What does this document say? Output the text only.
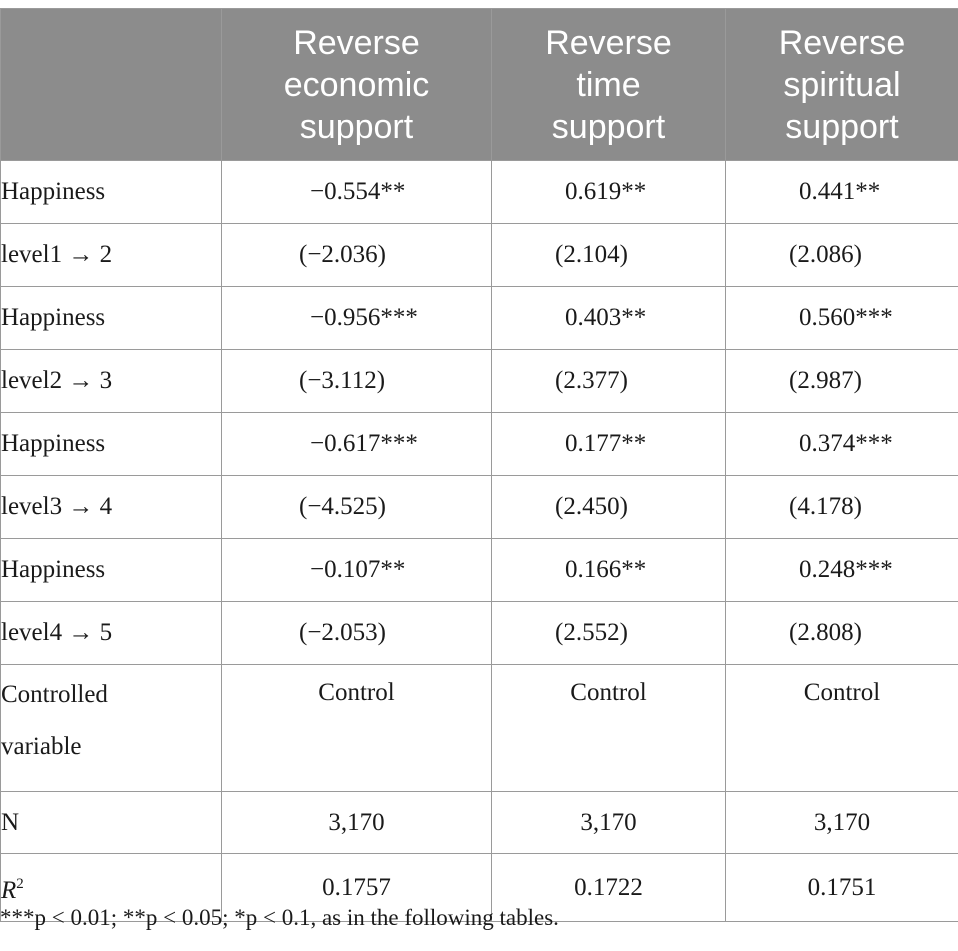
	Reverse economic support	Reverse time support	Reverse spiritual support
Happiness	−0.554**	0.619**	0.441**
level1 → 2	(−2.036)	(2.104)	(2.086)
Happiness	−0.956***	0.403**	0.560***
level2 → 3	(−3.112)	(2.377)	(2.987)
Happiness	−0.617***	0.177**	0.374***
level3 → 4	(−4.525)	(2.450)	(4.178)
Happiness	−0.107**	0.166**	0.248***
level4 → 5	(−2.053)	(2.552)	(2.808)

Controlled
variable	Control	Control	Control
N	3,170	3,170	3,170
$R^2$	0.1757	0.1722	0.1751
***p < 0.01; **p < 0.05; *p < 0.1, as in the following tables.
